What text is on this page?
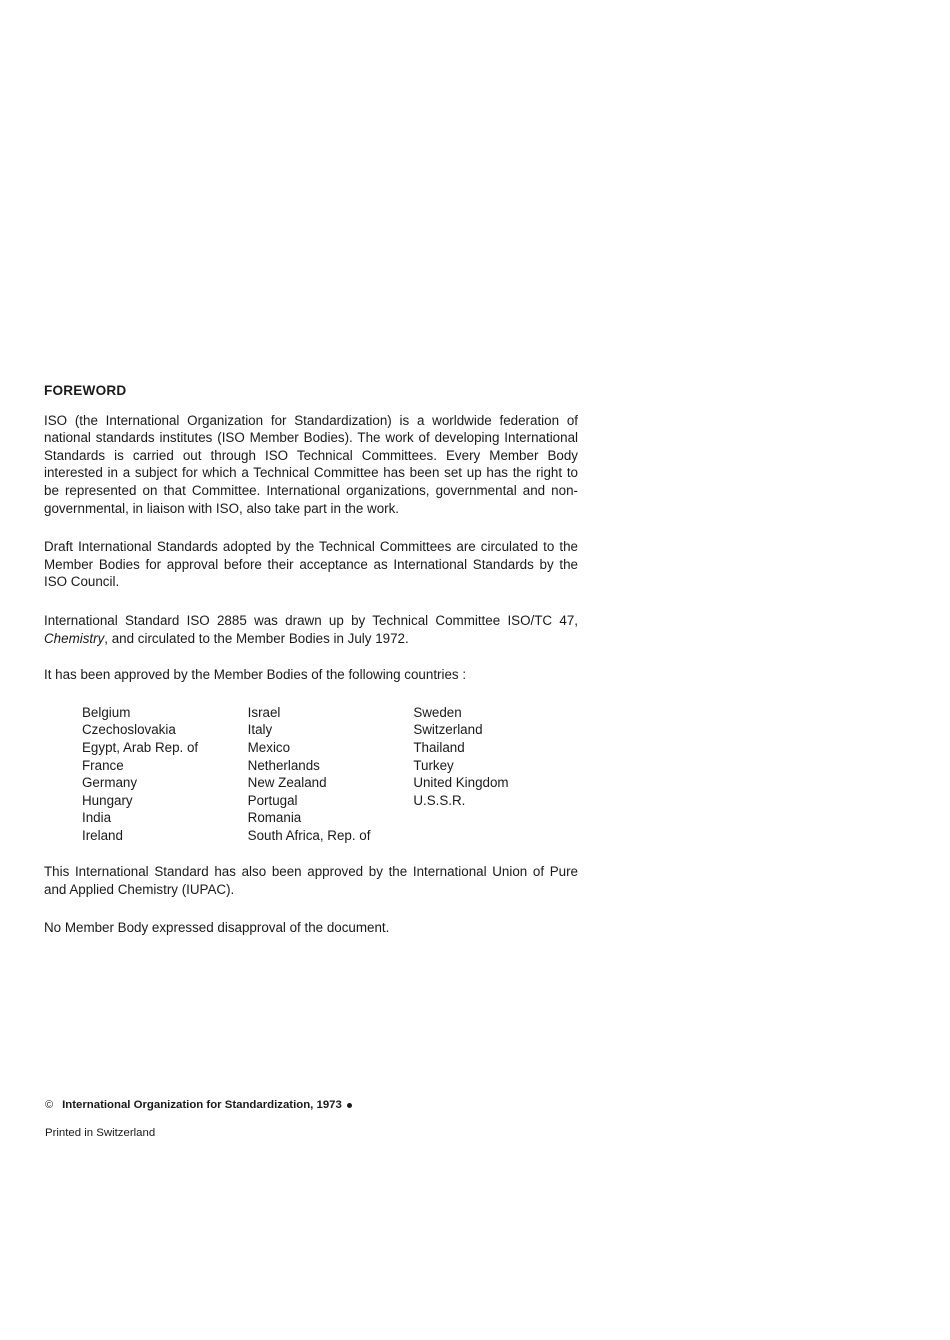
FOREWORD

ISO (the International Organization for Standardization) is a worldwide federation of national standards institutes (ISO Member Bodies). The work of developing International Standards is carried out through ISO Technical Committees. Every Member Body interested in a subject for which a Technical Committee has been set up has the right to be represented on that Committee. International organizations, governmental and non-governmental, in liaison with ISO, also take part in the work.

Draft International Standards adopted by the Technical Committees are circulated to the Member Bodies for approval before their acceptance as International Standards by the ISO Council.

International Standard ISO 2885 was drawn up by Technical Committee ISO/TC 47, Chemistry, and circulated to the Member Bodies in July 1972.

It has been approved by the Member Bodies of the following countries :

Belgium
Czechoslovakia
Egypt, Arab Rep. of
France
Germany
Hungary
India
Ireland
Israel
Italy
Mexico
Netherlands
New Zealand
Portugal
Romania
South Africa, Rep. of
Sweden
Switzerland
Thailand
Turkey
United Kingdom
U.S.S.R.

This International Standard has also been approved by the International Union of Pure and Applied Chemistry (IUPAC).

No Member Body expressed disapproval of the document.

© International Organization for Standardization, 1973
Printed in Switzerland
